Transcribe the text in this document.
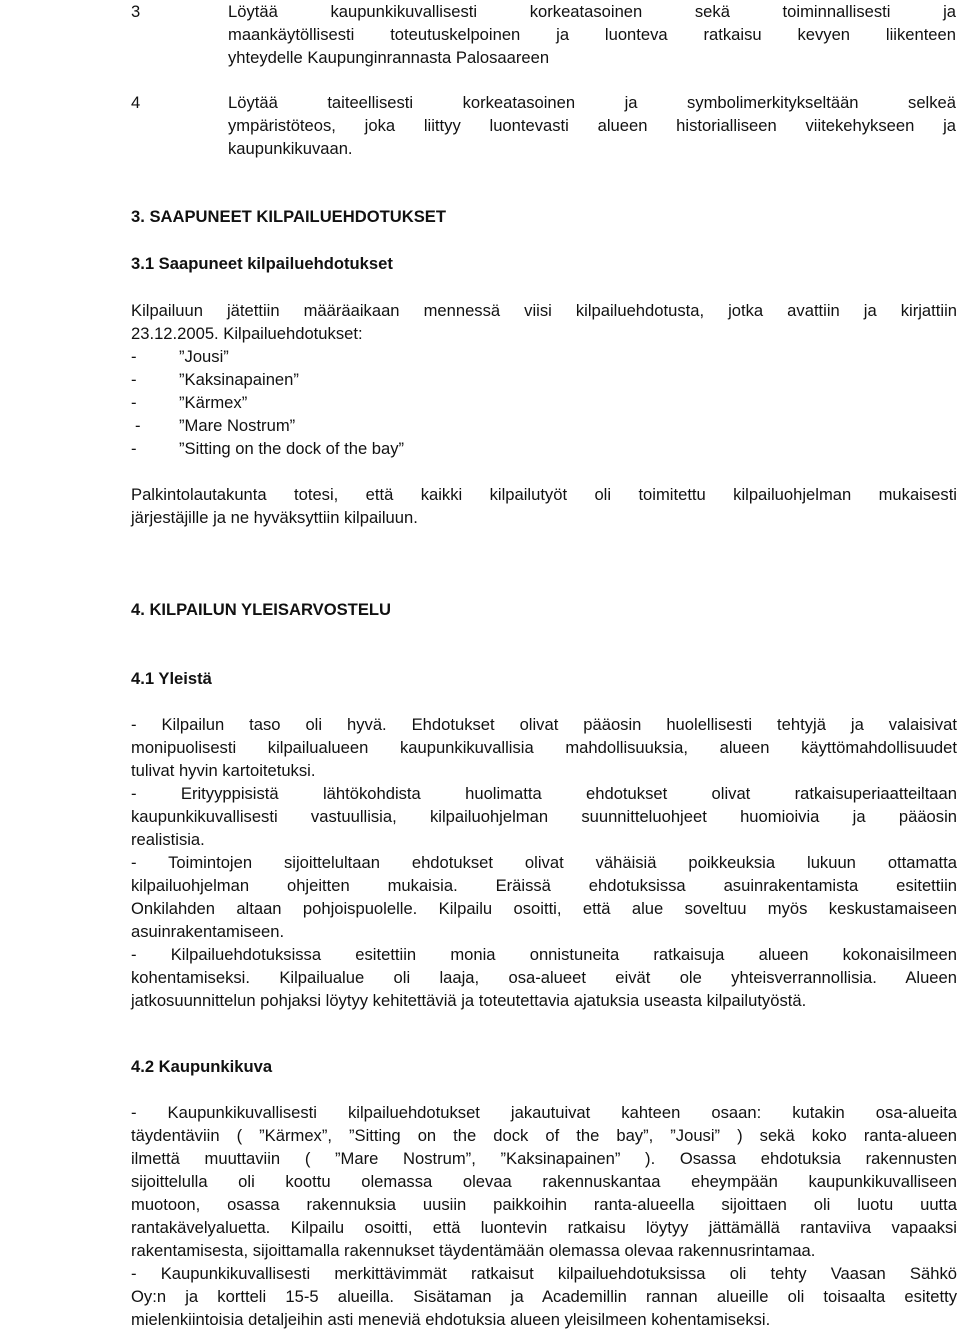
3	Löytää kaupunkikuvallisesti korkeatasoinen sekä toiminnallisesti ja
maankäytöllisesti toteutuskelpoinen ja luonteva ratkaisu kevyen liikenteen
yhteydelle Kaupunginrannasta Palosaareen
4	Löytää taiteellisesti korkeatasoinen ja symbolimerkitykseltään selkeä
ympäristöteos, joka liittyy luontevasti alueen historialliseen viitekehykseen ja
kaupunkikuvaan.
3. SAAPUNEET KILPAILUEHDOTUKSET
3.1 Saapuneet kilpailuehdotukset
Kilpailuun jätettiin määräaikaan mennessä viisi kilpailuehdotusta, jotka avattiin ja kirjattiin
23.12.2005. Kilpailuehdotukset:
-	”Jousi”
-	”Kaksinapainen”
-	”Kärmex”
- ”Mare Nostrum”
-	”Sitting on the dock of the bay”
Palkintolautakunta totesi, että kaikki kilpailutyöt oli toimitettu kilpailuohjelman mukaisesti
järjestäjille ja ne hyväksyttiin kilpailuun.
4. KILPAILUN YLEISARVOSTELU
4.1 Yleistä
- Kilpailun taso oli hyvä. Ehdotukset olivat pääosin huolellisesti tehtyjä ja valaisivat
monipuolisesti kilpailualueen kaupunkikuvallisia mahdollisuuksia, alueen käyttömahdollisuudet
tulivat hyvin kartoitetuksi.
- Erityyppisistä lähtökohdista huolimatta ehdotukset olivat ratkaisuperiaatteiltaan
kaupunkikuvallisesti vastuullisia, kilpailuohjelman suunnitteluohjeet huomioivia ja pääosin
realistisia.
- Toimintojen sijoittelultaan ehdotukset olivat vähäisiä poikkeuksia lukuun ottamatta
kilpailuohjelman ohjeitten mukaisia. Eräissä ehdotuksissa asuinrakentamista esitettiin
Onkilahden altaan pohjoispuolelle. Kilpailu osoitti, että alue soveltuu myös keskustamaiseen
asuinrakentamiseen.
- Kilpailuehdotuksissa esitettiin monia onnistuneita ratkaisuja alueen kokonaisilmeen
kohentamiseksi. Kilpailualue oli laaja, osa-alueet eivät ole yhteisverrannollisia. Alueen
jatkosuunnittelun pohjaksi löytyy kehitettäviä ja toteutettavia ajatuksia useasta kilpailutyöstä.
4.2 Kaupunkikuva
- Kaupunkikuvallisesti kilpailuehdotukset jakautuivat kahteen osaan: kutakin osa-alueita
täydentäviin ( ”Kärmex”, ”Sitting on the dock of the bay”, ”Jousi” ) sekä koko ranta-alueen
ilmettä muuttaviin ( ”Mare Nostrum”, ”Kaksinapainen” ). Osassa ehdotuksia rakennusten
sijoittelulla oli koottu olemassa olevaa rakennuskantaa eheympään kaupunkikuvalliseen
muotoon, osassa rakennuksia uusiin paikkoihin ranta-alueella sijoittaen oli luotu uutta
rantakävelyaluetta. Kilpailu osoitti, että luontevin ratkaisu löytyy jättämällä rantaviiva vapaaksi
rakentamisesta, sijoittamalla rakennukset täydentämään olemassa olevaa rakennusrintamaa.
- Kaupunkikuvallisesti merkittävimmät ratkaisut kilpailuehdotuksissa oli tehty Vaasan Sähkö
Oy:n ja kortteli 15-5 alueilla. Sisätaman ja Academillin rannan alueille oli toisaalta esitetty
mielenkiintoisia detaljeihin asti meneviä ehdotuksia alueen yleisilmeen kohentamiseksi.
